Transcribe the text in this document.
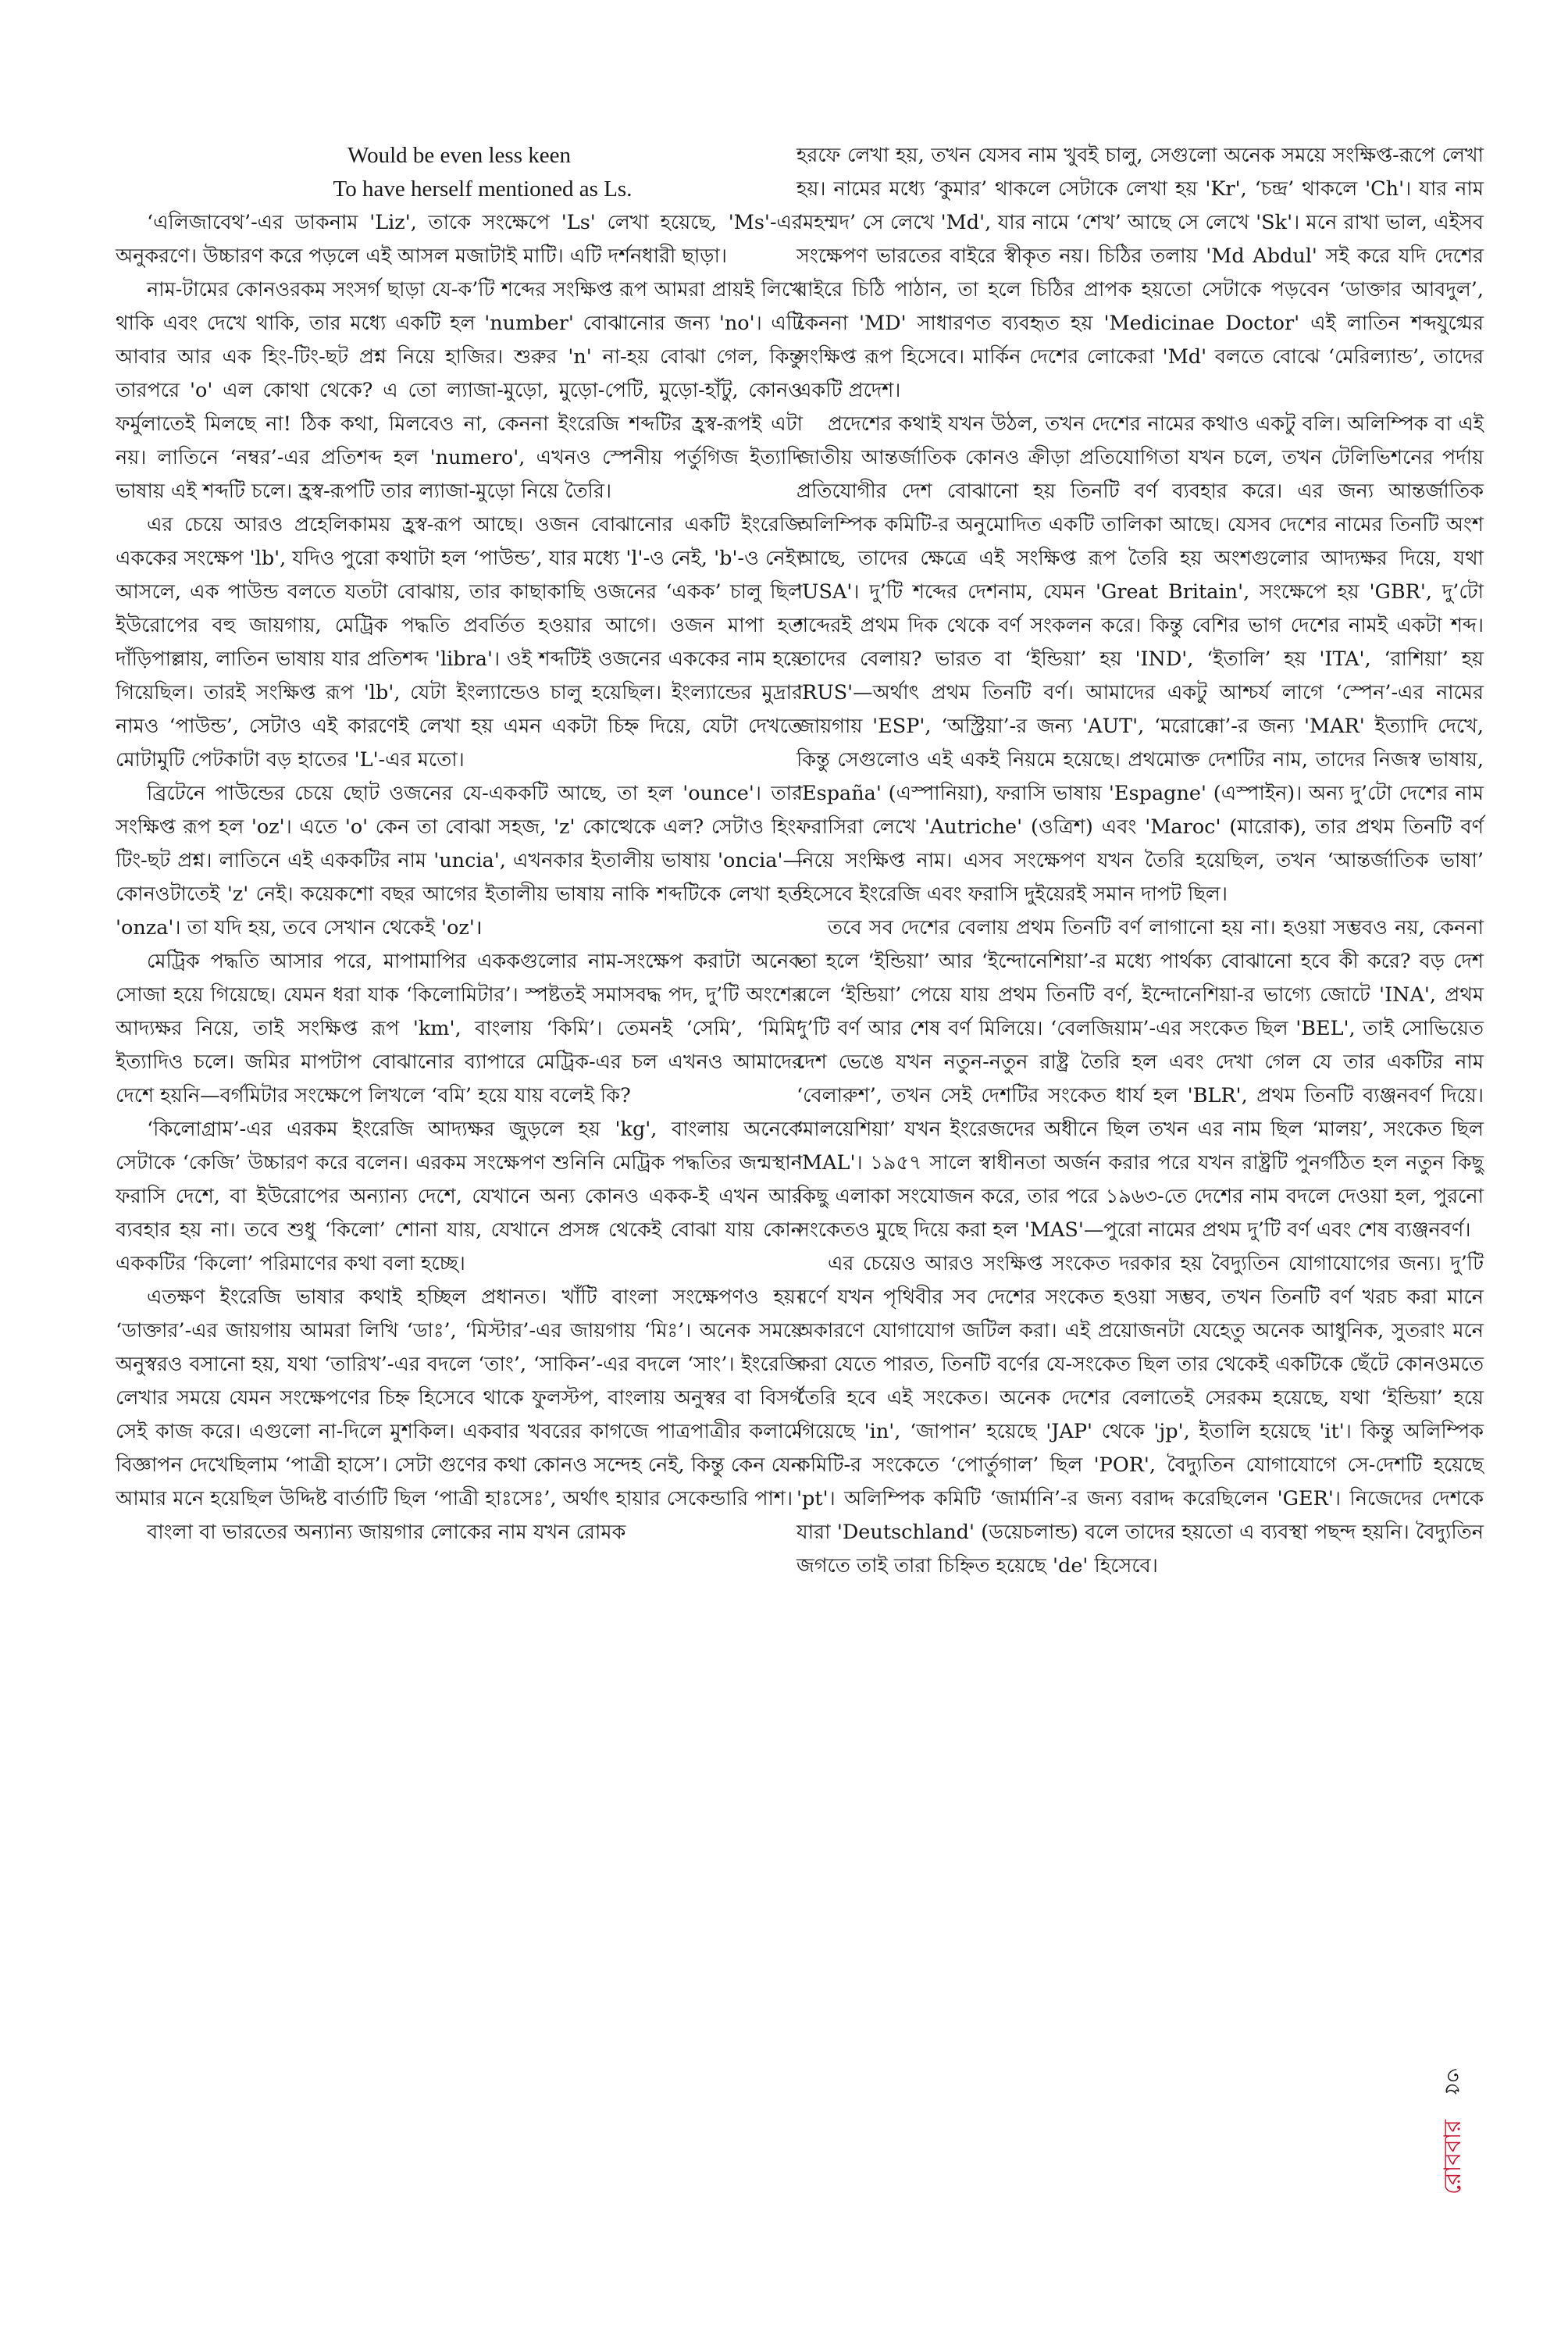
Would be even less keen
To have herself mentioned as Ls.

‘এলিজাবেথ’-এর ডাকনাম 'Liz', তাকে সংক্ষেপে 'Ls' লেখা হয়েছে, 'Ms'-এর অনুকরণে। উচ্চারণ করে পড়লে এই আসল মজাটাই মাটি। এটি দর্শনধারী ছাড়া।

নাম-টামের কোনওরকম সংসর্গ ছাড়া যে-ক’টি শব্দের সংক্ষিপ্ত রূপ আমরা প্রায়ই লিখে থাকি এবং দেখে থাকি, তার মধ্যে একটি হল 'number' বোঝানোর জন্য 'no'। এটি আবার আর এক হিং-টিং-ছট প্রশ্ন নিয়ে হাজির। শুরুর 'n' না-হয় বোঝা গেল, কিন্তু তারপরে 'o' এল কোথা থেকে? এ তো ল্যাজা-মুড়ো, মুড়ো-পেটি, মুড়ো-হাঁটু, কোনও ফর্মুলাতেই মিলছে না! ঠিক কথা, মিলবেও না, কেননা ইংরেজি শব্দটির হ্রস্ব-রূপই এটা নয়। লাতিনে ‘নম্বর’-এর প্রতিশব্দ হল 'numero', এখনও স্পেনীয় পর্তুগিজ ইত্যাদি ভাষায় এই শব্দটি চলে। হ্রস্ব-রূপটি তার ল্যাজা-মুড়ো নিয়ে তৈরি।

এর চেয়ে আরও প্রহেলিকাময় হ্রস্ব-রূপ আছে। ওজন বোঝানোর একটি ইংরেজি এককের সংক্ষেপ 'lb', যদিও পুরো কথাটা হল ‘পাউন্ড’, যার মধ্যে 'l'-ও নেই, 'b'-ও নেই। আসলে, এক পাউন্ড বলতে যতটা বোঝায়, তার কাছাকাছি ওজনের ‘একক’ চালু ছিল ইউরোপের বহু জায়গায়, মেট্রিক পদ্ধতি প্রবর্তিত হওয়ার আগে। ওজন মাপা হত দাঁড়িপাল্লায়, লাতিন ভাষায় যার প্রতিশব্দ 'libra'। ওই শব্দটিই ওজনের এককের নাম হয়ে গিয়েছিল। তারই সংক্ষিপ্ত রূপ 'lb', যেটা ইংল্যান্ডেও চালু হয়েছিল। ইংল্যান্ডের মুদ্রার নামও ‘পাউন্ড’, সেটাও এই কারণেই লেখা হয় এমন একটা চিহ্ন দিয়ে, যেটা দেখতে মোটামুটি পেটকাটা বড় হাতের 'L'-এর মতো।

ব্রিটেনে পাউন্ডের চেয়ে ছোট ওজনের যে-এককটি আছে, তা হল 'ounce'। তার সংক্ষিপ্ত রূপ হল 'oz'। এতে 'o' কেন তা বোঝা সহজ, 'z' কোত্থেকে এল? সেটাও হিং-টিং-ছট প্রশ্ন। লাতিনে এই এককটির নাম 'uncia', এখনকার ইতালীয় ভাষায় 'oncia'—কোনওটাতেই 'z' নেই। কয়েকশো বছর আগের ইতালীয় ভাষায় নাকি শব্দটিকে লেখা হত 'onza'। তা যদি হয়, তবে সেখান থেকেই 'oz'।

মেট্রিক পদ্ধতি আসার পরে, মাপামাপির এককগুলোর নাম-সংক্ষেপ করাটা অনেক সোজা হয়ে গিয়েছে। যেমন ধরা যাক ‘কিলোমিটার’। স্পষ্টতই সমাসবদ্ধ পদ, দু’টি অংশের আদ্যক্ষর নিয়ে, তাই সংক্ষিপ্ত রূপ 'km', বাংলায় ‘কিমি’। তেমনই ‘সেমি’, ‘মিমি’ ইত্যাদিও চলে। জমির মাপটাপ বোঝানোর ব্যাপারে মেট্রিক-এর চল এখনও আমাদের দেশে হয়নি—বর্গমিটার সংক্ষেপে লিখলে ‘বমি’ হয়ে যায় বলেই কি?

‘কিলোগ্রাম’-এর এরকম ইংরেজি আদ্যক্ষর জুড়লে হয় 'kg', বাংলায় অনেকে সেটাকে ‘কেজি’ উচ্চারণ করে বলেন। এরকম সংক্ষেপণ শুনিনি মেট্রিক পদ্ধতির জন্মস্থান ফরাসি দেশে, বা ইউরোপের অন্যান্য দেশে, যেখানে অন্য কোনও একক-ই এখন আর ব্যবহার হয় না। তবে শুধু ‘কিলো’ শোনা যায়, যেখানে প্রসঙ্গ থেকেই বোঝা যায় কোন এককটির ‘কিলো’ পরিমাণের কথা বলা হচ্ছে।

এতক্ষণ ইংরেজি ভাষার কথাই হচ্ছিল প্রধানত। খাঁটি বাংলা সংক্ষেপণও হয়। ‘ডাক্তার’-এর জায়গায় আমরা লিখি ‘ডাঃ’, ‘মিস্টার’-এর জায়গায় ‘মিঃ’। অনেক সময়ে অনুস্বরও বসানো হয়, যথা ‘তারিখ’-এর বদলে ‘তাং’, ‘সাকিন’-এর বদলে ‘সাং’। ইংরেজি লেখার সময়ে যেমন সংক্ষেপণের চিহ্ন হিসেবে থাকে ফুলস্টপ, বাংলায় অনুস্বর বা বিসর্গ সেই কাজ করে। এগুলো না-দিলে মুশকিল। একবার খবরের কাগজে পাত্রপাত্রীর কলামে বিজ্ঞাপন দেখেছিলাম ‘পাত্রী হাসে’। সেটা গুণের কথা কোনও সন্দেহ নেই, কিন্তু কেন যেন আমার মনে হয়েছিল উদ্দিষ্ট বার্তাটি ছিল ‘পাত্রী হাঃসেঃ’, অর্থাৎ হায়ার সেকেন্ডারি পাশ।

বাংলা বা ভারতের অন্যান্য জায়গার লোকের নাম যখন রোমক

হরফে লেখা হয়, তখন যেসব নাম খুবই চালু, সেগুলো অনেক সময়ে সংক্ষিপ্ত-রূপে লেখা হয়। নামের মধ্যে ‘কুমার’ থাকলে সেটাকে লেখা হয় 'Kr', ‘চন্দ্র’ থাকলে 'Ch'। যার নাম ‘মহম্মদ’ সে লেখে 'Md', যার নামে ‘শেখ’ আছে সে লেখে 'Sk'। মনে রাখা ভাল, এইসব সংক্ষেপণ ভারতের বাইরে স্বীকৃত নয়। চিঠির তলায় 'Md Abdul' সই করে যদি দেশের বাইরে চিঠি পাঠান, তা হলে চিঠির প্রাপক হয়তো সেটাকে পড়বেন ‘ডাক্তার আবদুল’, কেননা 'MD' সাধারণত ব্যবহৃত হয় 'Medicinae Doctor' এই লাতিন শব্দযুগ্মের সংক্ষিপ্ত রূপ হিসেবে। মার্কিন দেশের লোকেরা 'Md' বলতে বোঝে ‘মেরিল্যান্ড’, তাদের একটি প্রদেশ।

প্রদেশের কথাই যখন উঠল, তখন দেশের নামের কথাও একটু বলি। অলিম্পিক বা এই জাতীয় আন্তর্জাতিক কোনও ক্রীড়া প্রতিযোগিতা যখন চলে, তখন টেলিভিশনের পর্দায় প্রতিযোগীর দেশ বোঝানো হয় তিনটি বর্ণ ব্যবহার করে। এর জন্য আন্তর্জাতিক অলিম্পিক কমিটি-র অনুমোদিত একটি তালিকা আছে। যেসব দেশের নামের তিনটি অংশ আছে, তাদের ক্ষেত্রে এই সংক্ষিপ্ত রূপ তৈরি হয় অংশগুলোর আদ্যক্ষর দিয়ে, যথা 'USA'। দু’টি শব্দের দেশনাম, যেমন 'Great Britain', সংক্ষেপে হয় 'GBR', দু’টো শব্দেরই প্রথম দিক থেকে বর্ণ সংকলন করে। কিন্তু বেশির ভাগ দেশের নামই একটা শব্দ। তাদের বেলায়? ভারত বা ‘ইন্ডিয়া’ হয় 'IND', ‘ইতালি’ হয় 'ITA', ‘রাশিয়া’ হয় 'RUS'—অর্থাৎ প্রথম তিনটি বর্ণ। আমাদের একটু আশ্চর্য লাগে ‘স্পেন’-এর নামের জায়গায় 'ESP', ‘অস্ট্রিয়া’-র জন্য 'AUT', ‘মরোক্কো’-র জন্য 'MAR' ইত্যাদি দেখে, কিন্তু সেগুলোও এই একই নিয়মে হয়েছে। প্রথমোক্ত দেশটির নাম, তাদের নিজস্ব ভাষায়, 'España' (এস্পানিয়া), ফরাসি ভাষায় 'Espagne' (এস্পাইন)। অন্য দু’টো দেশের নাম ফরাসিরা লেখে 'Autriche' (ওত্রিশ) এবং 'Maroc' (মারোক), তার প্রথম তিনটি বর্ণ নিয়ে সংক্ষিপ্ত নাম। এসব সংক্ষেপণ যখন তৈরি হয়েছিল, তখন ‘আন্তর্জাতিক ভাষা’ হিসেবে ইংরেজি এবং ফরাসি দুইয়েরই সমান দাপট ছিল।

তবে সব দেশের বেলায় প্রথম তিনটি বর্ণ লাগানো হয় না। হওয়া সম্ভবও নয়, কেননা তা হলে ‘ইন্ডিয়া’ আর ‘ইন্দোনেশিয়া’-র মধ্যে পার্থক্য বোঝানো হবে কী করে? বড় দেশ বলে ‘ইন্ডিয়া’ পেয়ে যায় প্রথম তিনটি বর্ণ, ইন্দোনেশিয়া-র ভাগ্যে জোটে 'INA', প্রথম দু’টি বর্ণ আর শেষ বর্ণ মিলিয়ে। ‘বেলজিয়াম’-এর সংকেত ছিল 'BEL', তাই সোভিয়েত দেশ ভেঙে যখন নতুন-নতুন রাষ্ট্র তৈরি হল এবং দেখা গেল যে তার একটির নাম ‘বেলারুশ’, তখন সেই দেশটির সংকেত ধার্য হল 'BLR', প্রথম তিনটি ব্যঞ্জনবর্ণ দিয়ে। ‘মালয়েশিয়া’ যখন ইংরেজদের অধীনে ছিল তখন এর নাম ছিল ‘মালয়’, সংকেত ছিল 'MAL'। ১৯৫৭ সালে স্বাধীনতা অর্জন করার পরে যখন রাষ্ট্রটি পুনর্গঠিত হল নতুন কিছু কিছু এলাকা সংযোজন করে, তার পরে ১৯৬৩-তে দেশের নাম বদলে দেওয়া হল, পুরনো সংকেতও মুছে দিয়ে করা হল 'MAS'—পুরো নামের প্রথম দু’টি বর্ণ এবং শেষ ব্যঞ্জনবর্ণ।

এর চেয়েও আরও সংক্ষিপ্ত সংকেত দরকার হয় বৈদ্যুতিন যোগাযোগের জন্য। দু’টি বর্ণে যখন পৃথিবীর সব দেশের সংকেত হওয়া সম্ভব, তখন তিনটি বর্ণ খরচ করা মানে অকারণে যোগাযোগ জটিল করা। এই প্রয়োজনটা যেহেতু অনেক আধুনিক, সুতরাং মনে করা যেতে পারত, তিনটি বর্ণের যে-সংকেত ছিল তার থেকেই একটিকে ছেঁটে কোনওমতে তৈরি হবে এই সংকেত। অনেক দেশের বেলাতেই সেরকম হয়েছে, যথা ‘ইন্ডিয়া’ হয়ে গিয়েছে 'in', ‘জাপান’ হয়েছে 'JAP' থেকে 'jp', ইতালি হয়েছে 'it'। কিন্তু অলিম্পিক কমিটি-র সংকেতে ‘পোর্তুগাল’ ছিল 'POR', বৈদ্যুতিন যোগাযোগে সে-দেশটি হয়েছে 'pt'। অলিম্পিক কমিটি ‘জার্মানি’-র জন্য বরাদ্দ করেছিলেন 'GER'। নিজেদের দেশকে যারা 'Deutschland' (ডয়েচলান্ড) বলে তাদের হয়তো এ ব্যবস্থা পছন্দ হয়নি। বৈদ্যুতিন জগতে তাই তারা চিহ্নিত হয়েছে 'de' হিসেবে।

৩৫
রোববার
